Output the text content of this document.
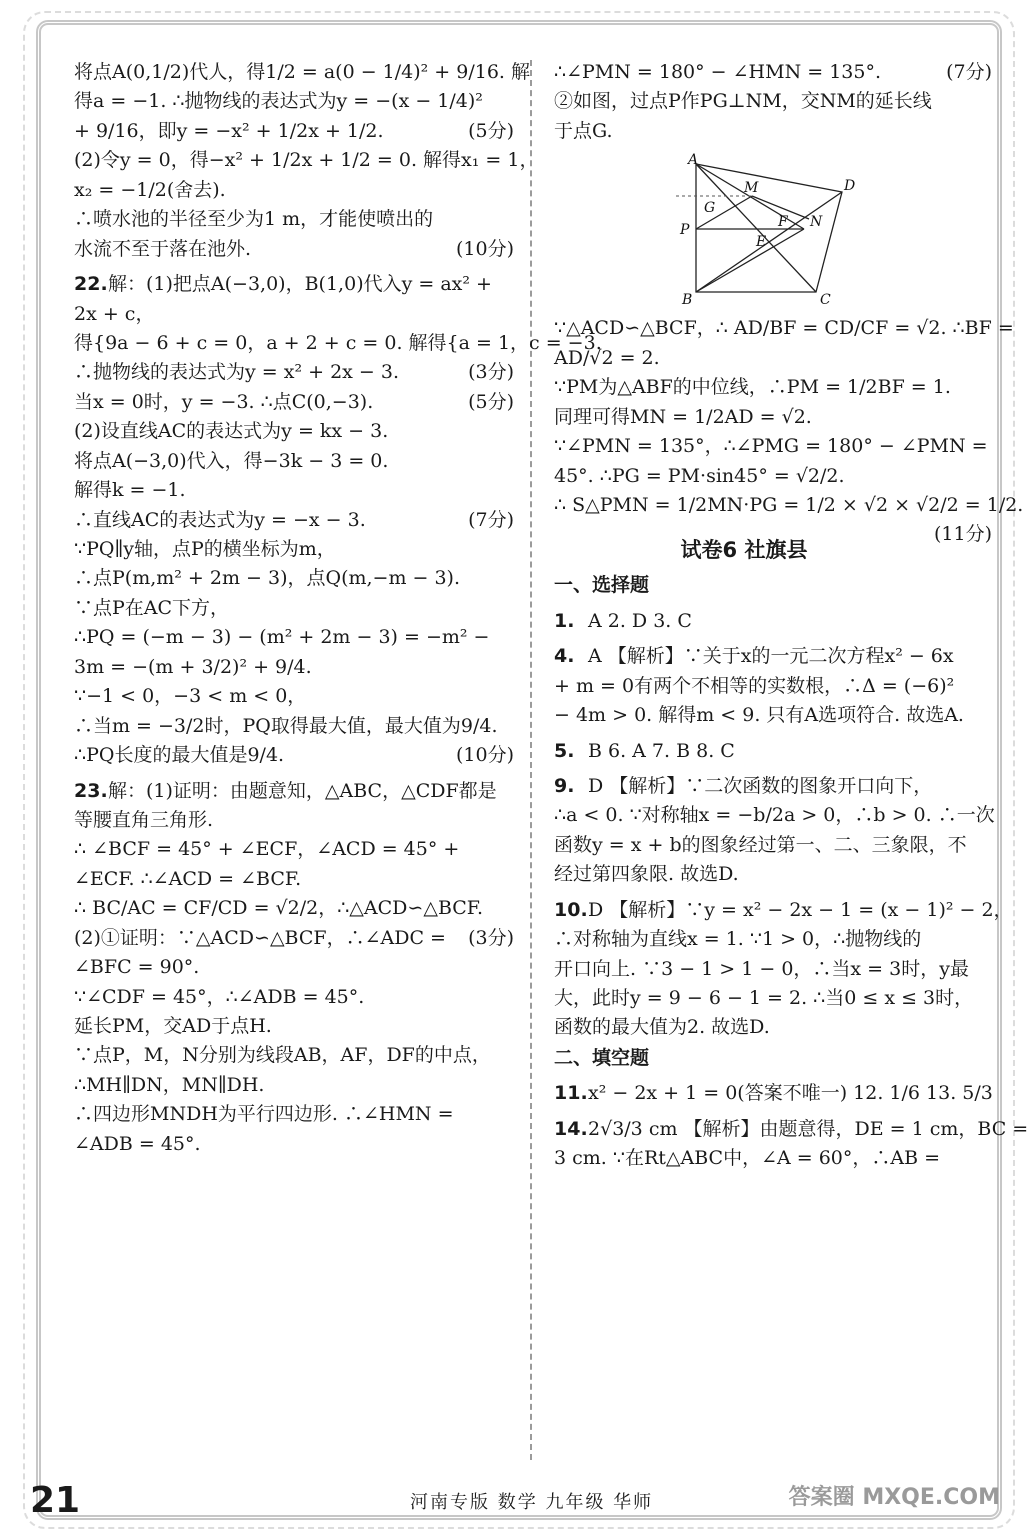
将点A(0,1/2)代人，得1/2 = a(0 − 1/4)² + 9/16. 解
得a = −1. ∴抛物线的表达式为y = −(x − 1/4)²
+ 9/16，即y = −x² + 1/2x + 1/2.	(5分)
(2)令y = 0，得−x² + 1/2x + 1/2 = 0. 解得x₁ = 1，
x₂ = −1/2(舍去).
∴喷水池的半径至少为1 m，才能使喷出的
水流不至于落在池外.	(10分)
22.解：(1)把点A(−3,0)，B(1,0)代入y = ax² +
2x + c，
得{9a − 6 + c = 0，a + 2 + c = 0. 解得{a = 1，c = −3.
∴抛物线的表达式为y = x² + 2x − 3.	(3分)
当x = 0时，y = −3. ∴点C(0,−3).	(5分)
(2)设直线AC的表达式为y = kx − 3.
将点A(−3,0)代入，得−3k − 3 = 0.
解得k = −1.
∴直线AC的表达式为y = −x − 3.	(7分)
∵PQ∥y轴，点P的横坐标为m，
∴点P(m,m² + 2m − 3)，点Q(m,−m − 3).
∵点P在AC下方，
∴PQ = (−m − 3) − (m² + 2m − 3) = −m² −
3m = −(m + 3/2)² + 9/4.
∵−1 < 0，−3 < m < 0，
∴当m = −3/2时，PQ取得最大值，最大值为9/4.
∴PQ长度的最大值是9/4.	(10分)
23.解：(1)证明：由题意知，△ABC，△CDF都是
等腰直角三角形.
∴ ∠BCF = 45° + ∠ECF，∠ACD = 45° +
∠ECF. ∴∠ACD = ∠BCF.
∴ BC/AC = CF/CD = √2/2，∴△ACD∽△BCF.
(3分)
(2)①证明：∵△ACD∽△BCF，∴∠ADC =
∠BFC = 90°.
∵∠CDF = 45°，∴∠ADB = 45°.
延长PM，交AD于点H.
∵点P，M，N分别为线段AB，AF，DF的中点，
∴MH∥DN，MN∥DH.
∴四边形MNDH为平行四边形. ∴∠HMN =
∠ADB = 45°.
∴∠PMN = 180° − ∠HMN = 135°.	(7分)
②如图，过点P作PG⊥NM，交NM的延长线
于点G.
A
D
M
G
F N
P
E
B	C
∵△ACD∽△BCF，∴ AD/BF = CD/CF = √2. ∴BF =
AD/√2 = 2.
∵PM为△ABF的中位线，∴PM = 1/2BF = 1.
同理可得MN = 1/2AD = √2.
∵∠PMN = 135°，∴∠PMG = 180° − ∠PMN =
45°. ∴PG = PM·sin45° = √2/2.
∴ S△PMN = 1/2MN·PG = 1/2 × √2 × √2/2 = 1/2.
(11分)
试卷6 社旗县
一、选择题
1. A 2. D 3. C
4. A 【解析】∵关于x的一元二次方程x² − 6x
+ m = 0有两个不相等的实数根，∴Δ = (−6)²
− 4m > 0. 解得m < 9. 只有A选项符合. 故选A.
5. B 6. A 7. B 8. C
9. D 【解析】∵二次函数的图象开口向下，
∴a < 0. ∵对称轴x = −b/2a > 0，∴b > 0. ∴一次
函数y = x + b的图象经过第一、二、三象限，不
经过第四象限. 故选D.
10.D 【解析】∵y = x² − 2x − 1 = (x − 1)² − 2，
∴对称轴为直线x = 1. ∵1 > 0，∴抛物线的
开口向上. ∵3 − 1 > 1 − 0，∴当x = 3时，y最
大，此时y = 9 − 6 − 1 = 2. ∴当0 ≤ x ≤ 3时，
函数的最大值为2. 故选D.
二、填空题
11.x² − 2x + 1 = 0(答案不唯一) 12. 1/6 13. 5/3
14.2√3/3 cm 【解析】由题意得，DE = 1 cm，BC =
3 cm. ∵在Rt△ABC中，∠A = 60°，∴AB =
21	河南专版 数学 九年级 华师	答案圈 MXQE.COM
